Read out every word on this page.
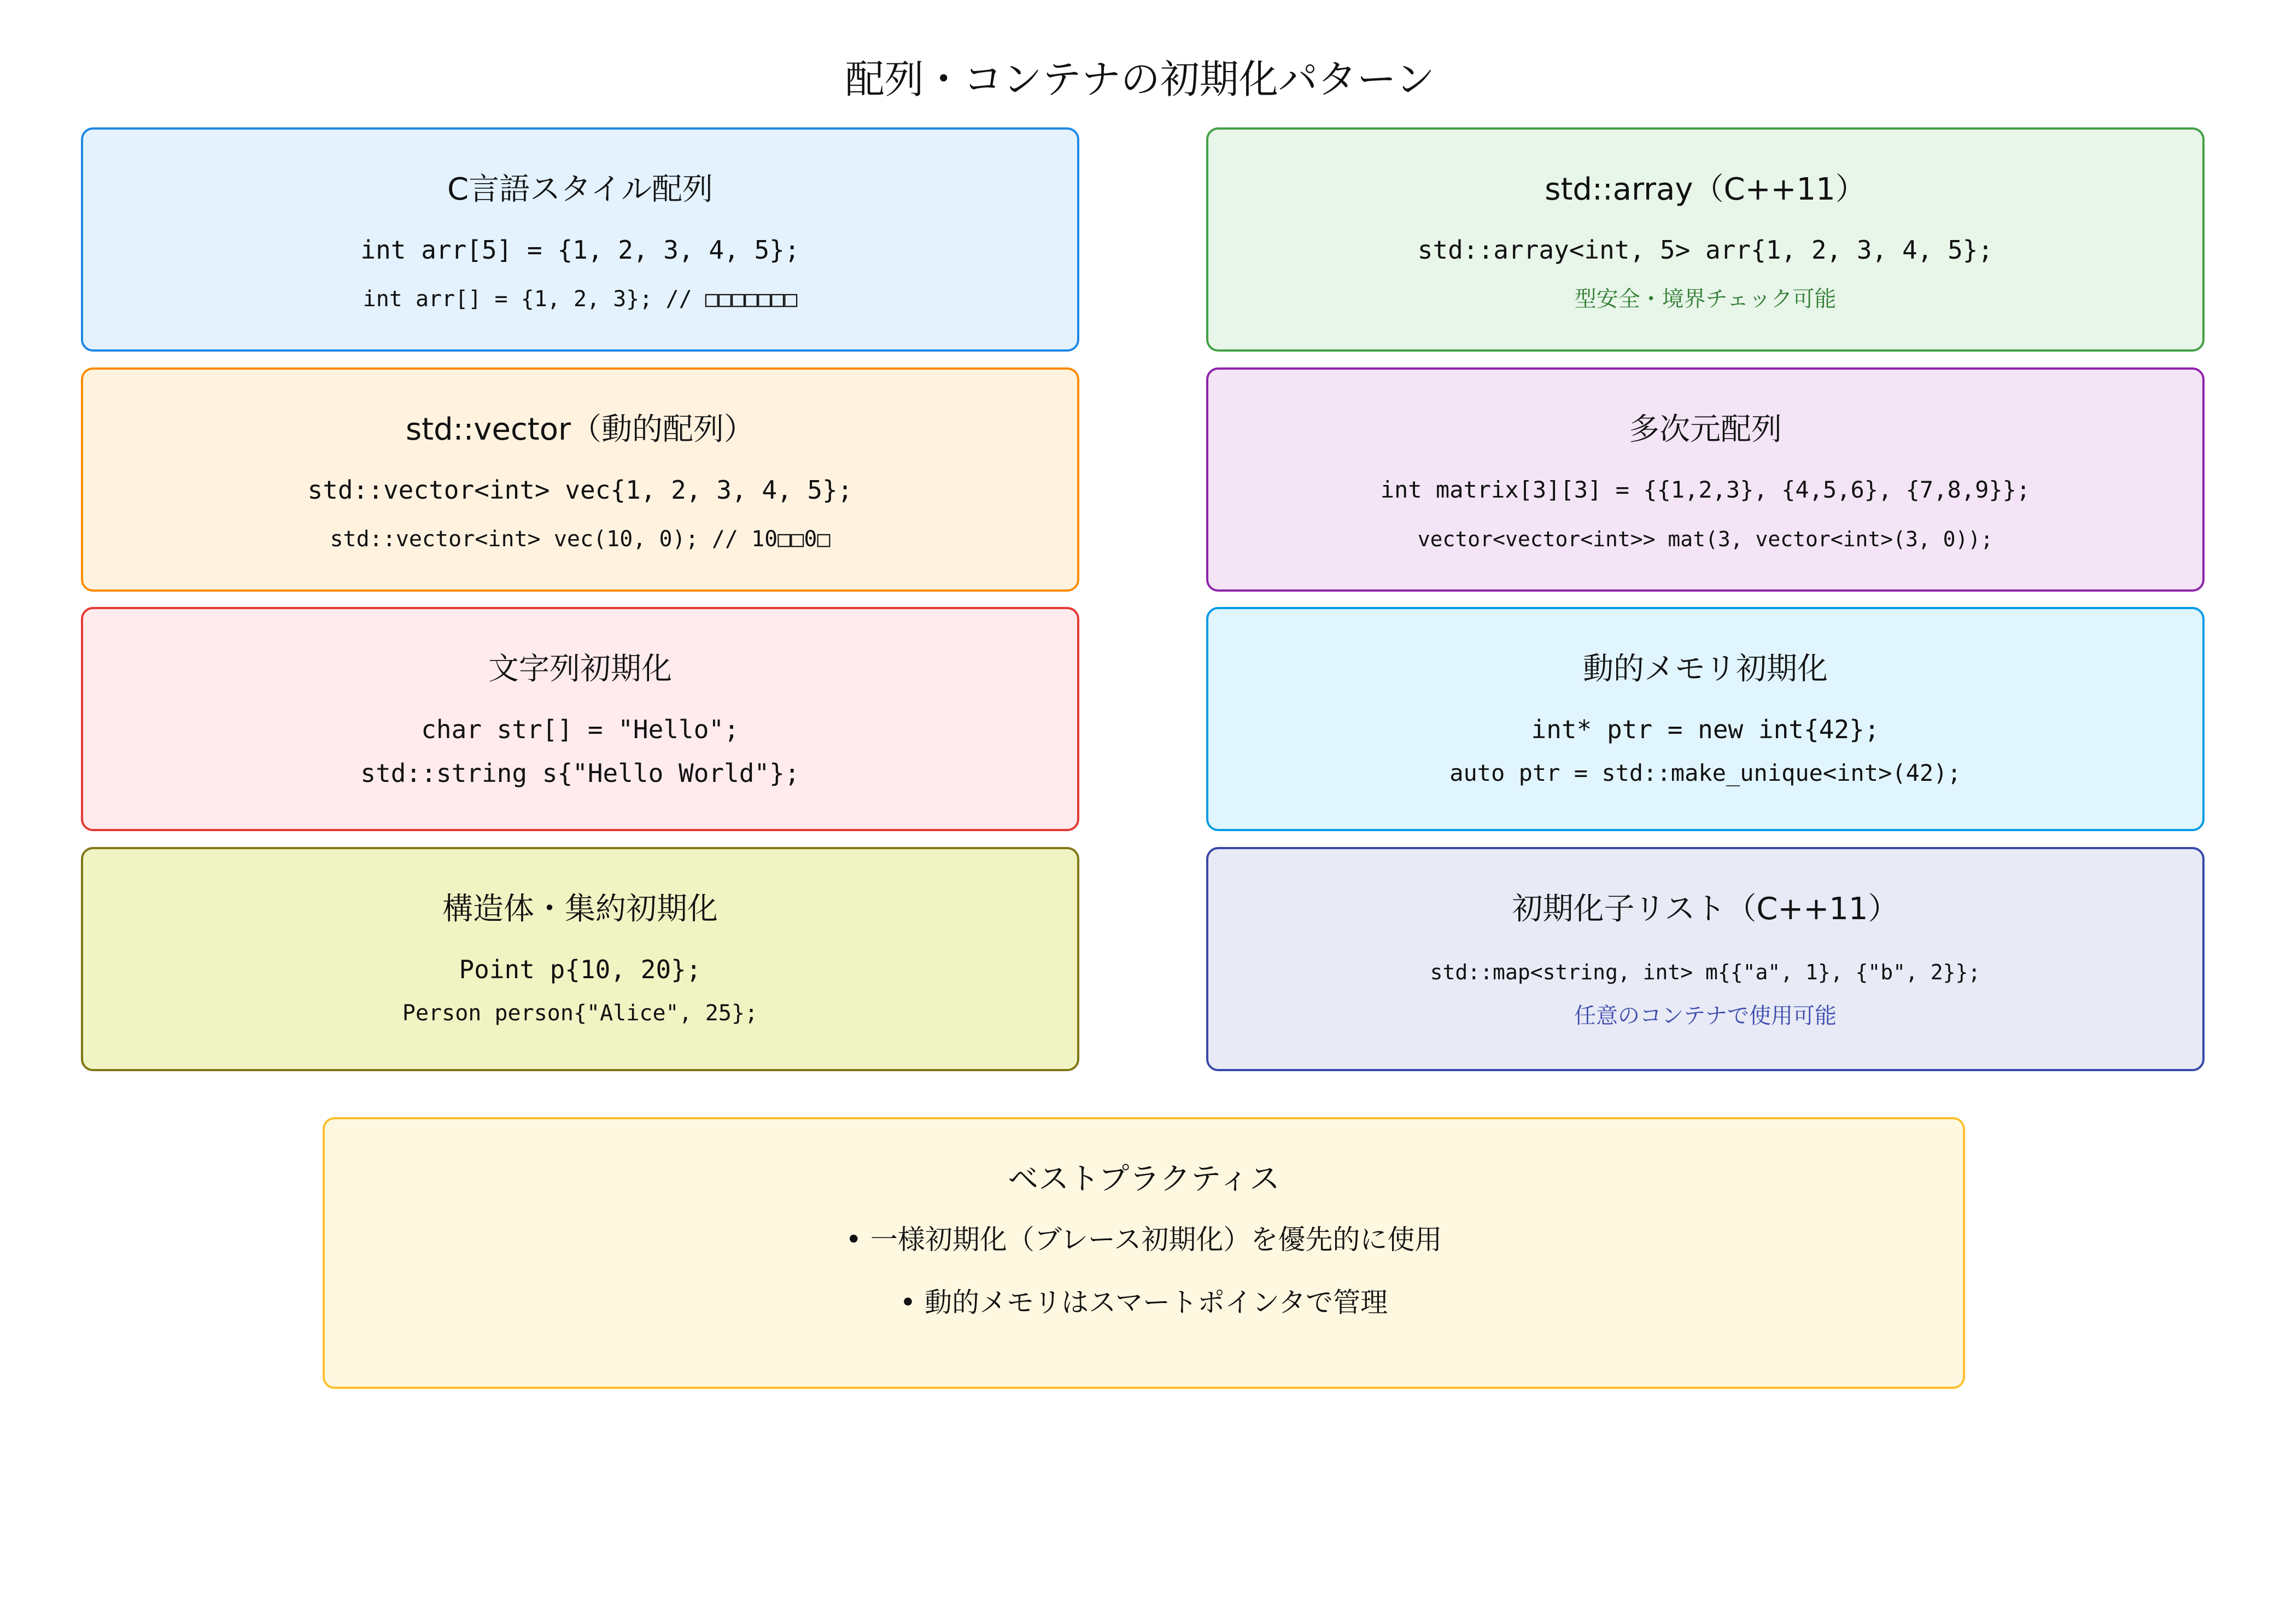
配列・コンテナの初期化パターン
C言語スタイル配列
int arr[5] = {1, 2, 3, 4, 5};
int arr[] = {1, 2, 3}; // □□□□□□□
std::array（C++11）
std::array<int, 5> arr{1, 2, 3, 4, 5};
型安全・境界チェック可能
std::vector（動的配列）
std::vector<int> vec{1, 2, 3, 4, 5};
std::vector<int> vec(10, 0); // 10□□0□
多次元配列
int matrix[3][3] = {{1,2,3}, {4,5,6}, {7,8,9}};
vector<vector<int>> mat(3, vector<int>(3, 0));
文字列初期化
char str[] = "Hello";
std::string s{"Hello World"};
動的メモリ初期化
int* ptr = new int{42};
auto ptr = std::make_unique<int>(42);
構造体・集約初期化
Point p{10, 20};
Person person{"Alice", 25};
初期化子リスト（C++11）
std::map<string, int> m{{"a", 1}, {"b", 2}};
任意のコンテナで使用可能
ベストプラクティス
• 一様初期化（ブレース初期化）を優先的に使用
• 動的メモリはスマートポインタで管理
